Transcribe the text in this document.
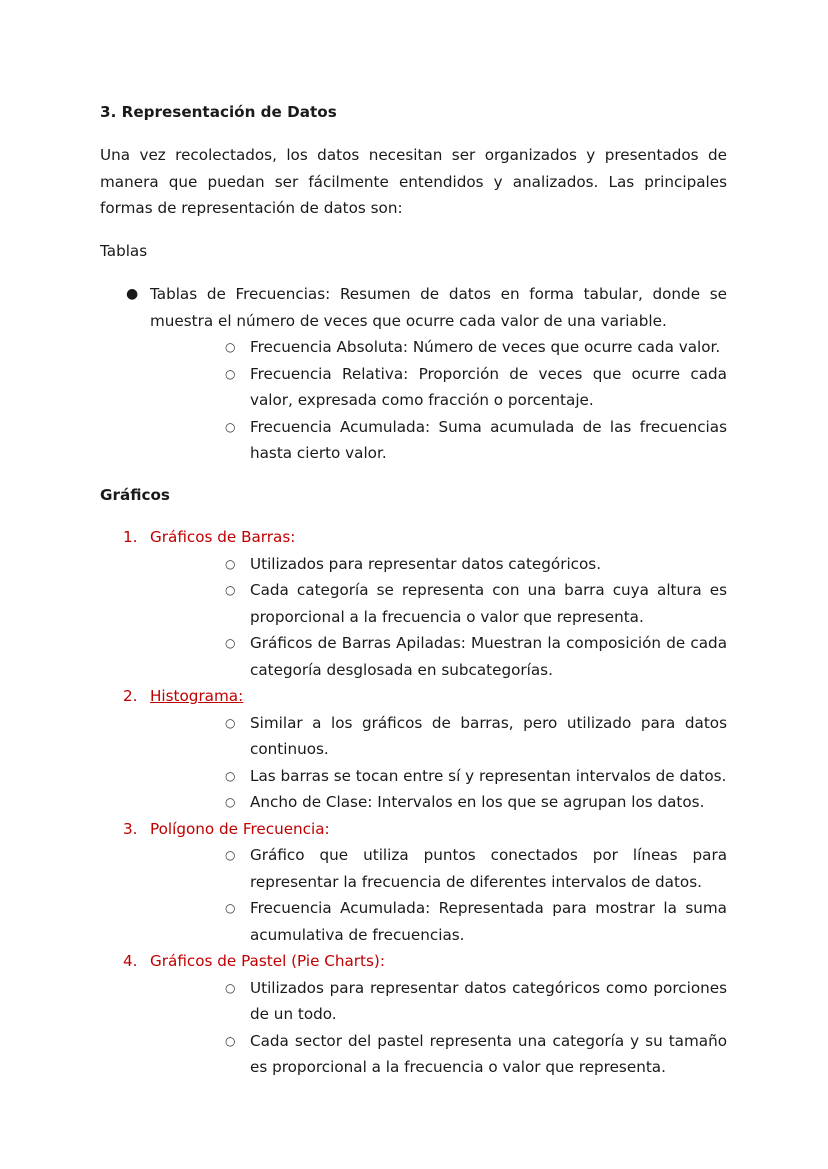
3. Representación de Datos
Una vez recolectados, los datos necesitan ser organizados y presentados de manera que puedan ser fácilmente entendidos y analizados. Las principales formas de representación de datos son:
Tablas
● Tablas de Frecuencias: Resumen de datos en forma tabular, donde se muestra el número de veces que ocurre cada valor de una variable.
○ Frecuencia Absoluta: Número de veces que ocurre cada valor.
○ Frecuencia Relativa: Proporción de veces que ocurre cada valor, expresada como fracción o porcentaje.
○ Frecuencia Acumulada: Suma acumulada de las frecuencias hasta cierto valor.
Gráficos
1. Gráficos de Barras:
○ Utilizados para representar datos categóricos.
○ Cada categoría se representa con una barra cuya altura es proporcional a la frecuencia o valor que representa.
○ Gráficos de Barras Apiladas: Muestran la composición de cada categoría desglosada en subcategorías.
2. Histograma:
○ Similar a los gráficos de barras, pero utilizado para datos continuos.
○ Las barras se tocan entre sí y representan intervalos de datos.
○ Ancho de Clase: Intervalos en los que se agrupan los datos.
3. Polígono de Frecuencia:
○ Gráfico que utiliza puntos conectados por líneas para representar la frecuencia de diferentes intervalos de datos.
○ Frecuencia Acumulada: Representada para mostrar la suma acumulativa de frecuencias.
4. Gráficos de Pastel (Pie Charts):
○ Utilizados para representar datos categóricos como porciones de un todo.
○ Cada sector del pastel representa una categoría y su tamaño es proporcional a la frecuencia o valor que representa.
